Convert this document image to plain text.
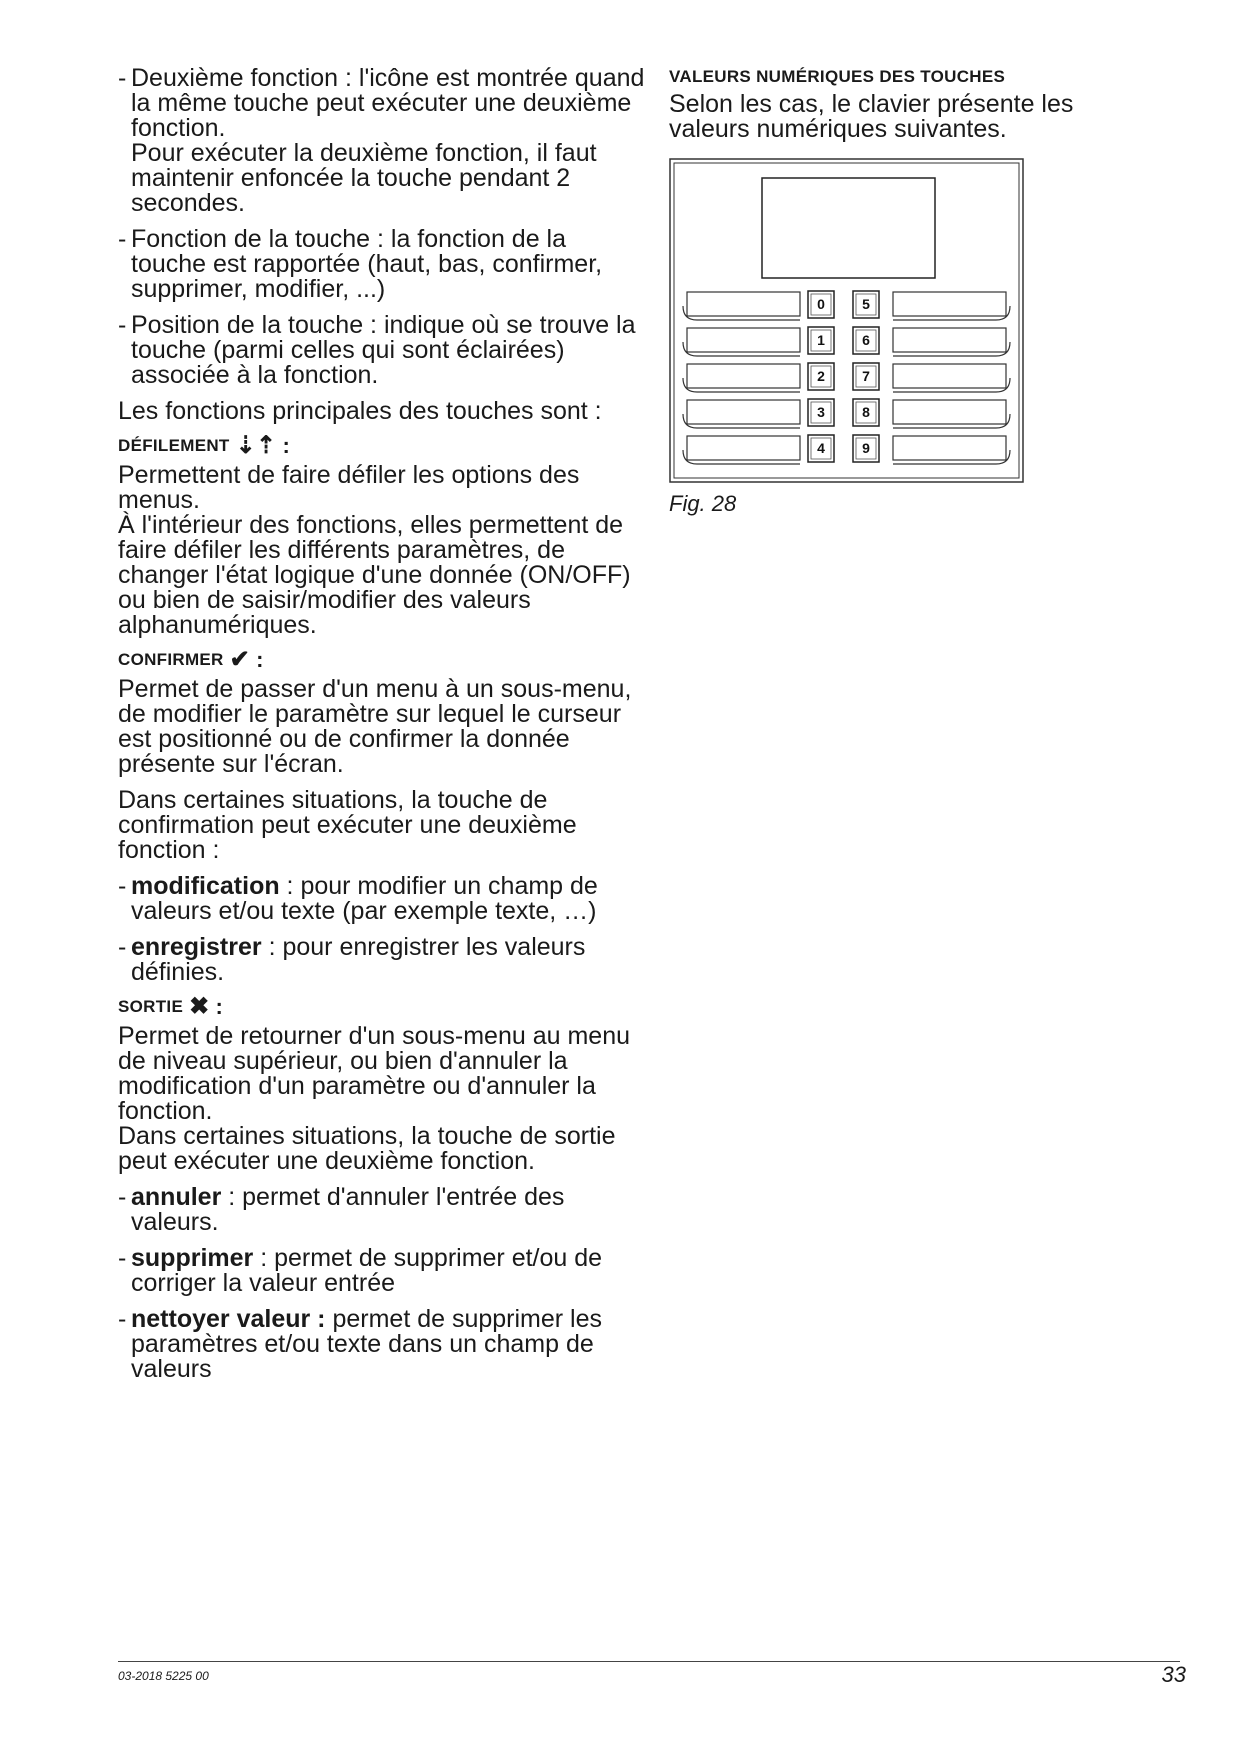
- Deuxième fonction : l'icône est montrée quand la même touche peut exécuter une deuxième fonction.
Pour exécuter la deuxième fonction, il faut maintenir enfoncée la touche pendant 2 secondes.
- Fonction de la touche : la fonction de la touche est rapportée (haut, bas, confirmer, supprimer, modifier, ...)
- Position de la touche : indique où se trouve la touche (parmi celles qui sont éclairées) associée à la fonction.

Les fonctions principales des touches sont :

DÉFILEMENT ⇣⇡ :

Permettent de faire défiler les options des menus.

À l'intérieur des fonctions, elles permettent de faire défiler les différents paramètres, de changer l'état logique d'une donnée (ON/OFF) ou bien de saisir/modifier des valeurs alphanumériques.

CONFIRMER ✔ :

Permet de passer d'un menu à un sous-menu, de modifier le paramètre sur lequel le curseur est positionné ou de confirmer la donnée présente sur l'écran.

Dans certaines situations, la touche de confirmation peut exécuter une deuxième fonction :

- modification : pour modifier un champ de valeurs et/ou texte (par exemple texte, …)
- enregistrer : pour enregistrer les valeurs définies.
SORTIE ✖ :

Permet de retourner d'un sous-menu au menu de niveau supérieur, ou bien d'annuler la modification d'un paramètre ou d'annuler la fonction.

Dans certaines situations, la touche de sortie peut exécuter une deuxième fonction.

- annuler : permet d'annuler l'entrée des valeurs.
- supprimer : permet de supprimer et/ou de corriger la valeur entrée
- nettoyer valeur : permet de supprimer les paramètres et/ou texte dans un champ de valeurs
VALEURS NUMÉRIQUES DES TOUCHES

Selon les cas, le clavier présente les valeurs numériques suivantes.

0	5
1	6
2	7
3	8
4	9
Fig. 28
03-2018 5225 00	33
